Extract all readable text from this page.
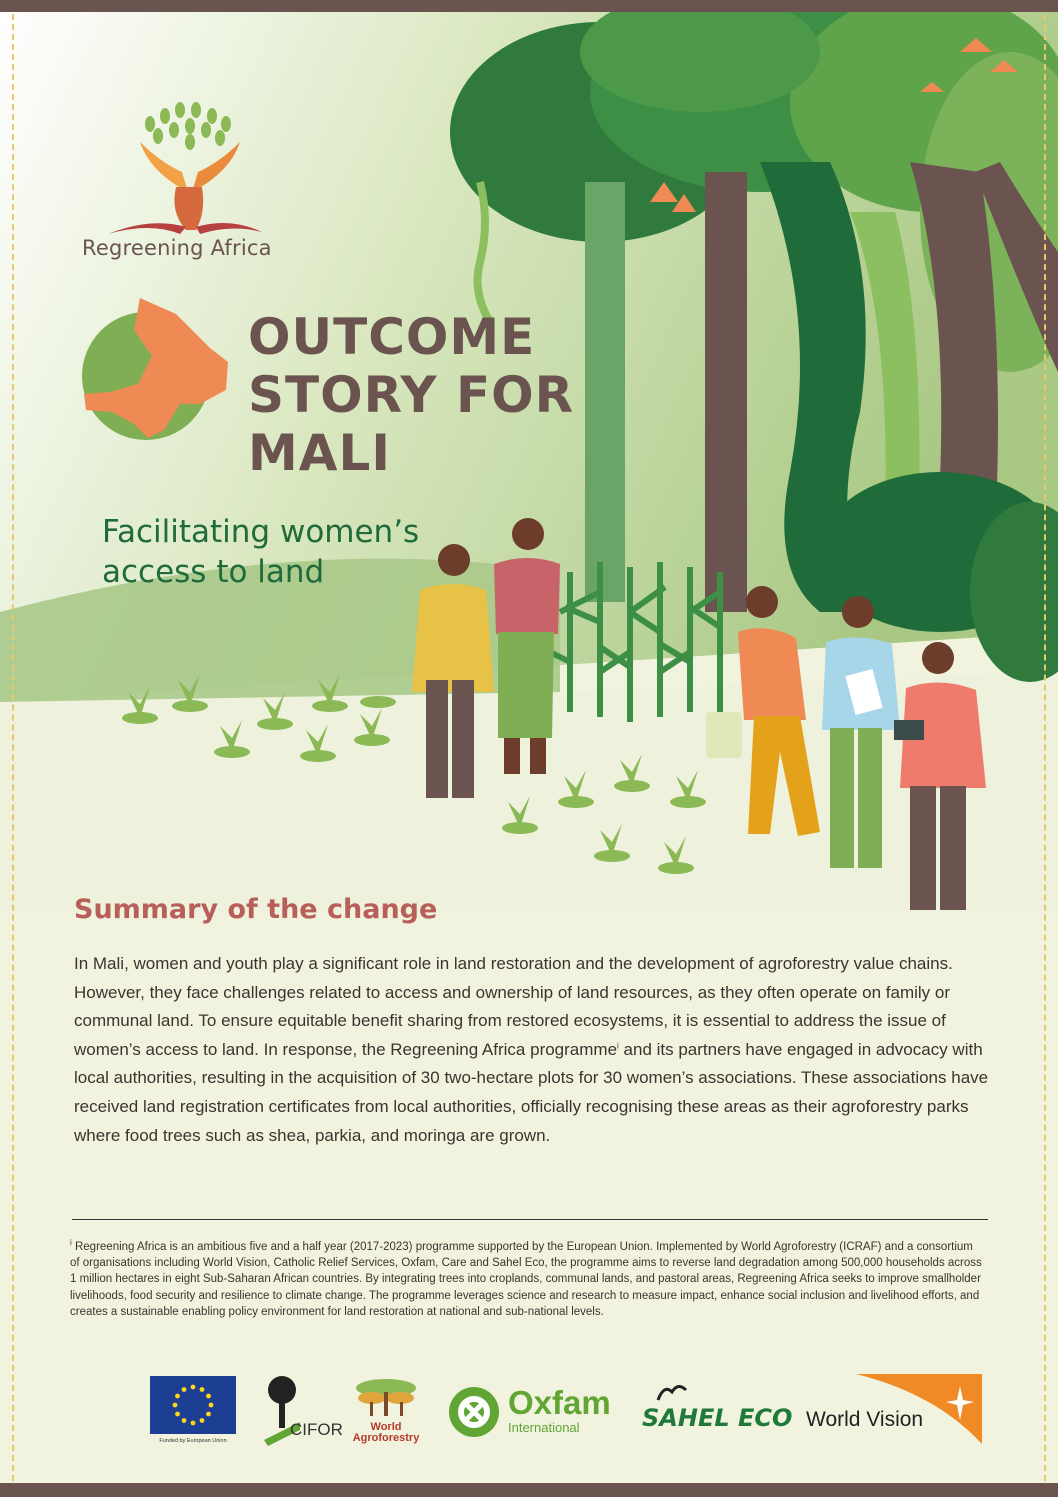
Regreening Africa
OUTCOME
STORY FOR
MALI
Facilitating women’s
access to land
Summary of the change

In Mali, women and youth play a significant role in land restoration and the development of agroforestry value chains. However, they face challenges related to access and ownership of land resources, as they often operate on family or communal land. To ensure equitable benefit sharing from restored ecosystems, it is essential to address the issue of women’s access to land. In response, the Regreening Africa programme$^i$ and its partners have engaged in advocacy with local authorities, resulting in the acquisition of 30 two-hectare plots for 30 women’s associations. These associations have received land registration certificates from local authorities, officially recognising these areas as their agroforestry parks where food trees such as shea, parkia, and moringa are grown.

$^i$ Regreening Africa is an ambitious five and a half year (2017-2023) programme supported by the European Union. Implemented by World Agroforestry (ICRAF) and a consortium of organisations including World Vision, Catholic Relief Services, Oxfam, Care and Sahel Eco, the programme aims to reverse land degradation among 500,000 households across 1 million hectares in eight Sub-Saharan African countries. By integrating trees into croplands, communal lands, and pastoral areas, Regreening Africa seeks to improve smallholder livelihoods, food security and resilience to climate change. The programme leverages science and research to measure impact, enhance social inclusion and livelihood efforts, and creates a sustainable enabling policy environment for land restoration at national and sub-national levels.

Funded by European Union
CIFOR	World Agroforestry
Oxfam
International	SAHEL ECO World Vision
